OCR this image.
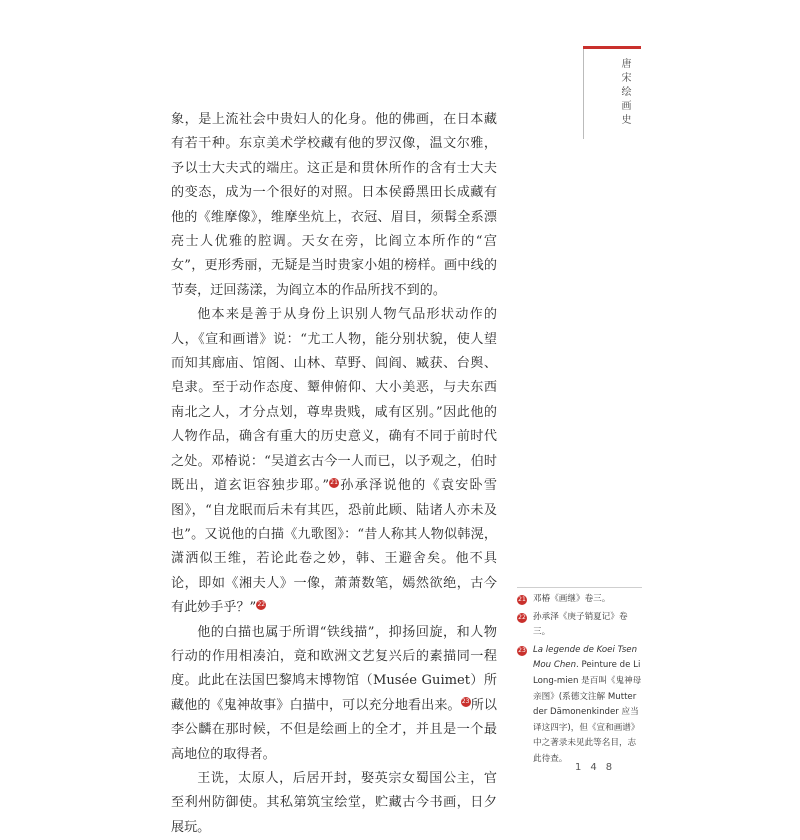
唐宋绘画史

象，是上流社会中贵妇人的化身。他的佛画，在日本藏有若干种。东京美术学校藏有他的罗汉像，温文尔雅，予以士大夫式的端庄。这正是和贯休所作的含有士大夫的变态，成为一个很好的对照。日本侯爵黑田长成藏有他的《维摩像》，维摩坐炕上，衣冠、眉目，须髯全系漂亮士人优雅的腔调。天女在旁，比阎立本所作的“宫女”，更形秀丽，无疑是当时贵家小姐的榜样。画中线的节奏，迂回荡漾，为阎立本的作品所找不到的。

他本来是善于从身份上识别人物气品形状动作的人，《宣和画谱》说：“尤工人物，能分别状貌，使人望而知其廊庙、馆阁、山林、草野、闾阎、臧获、台舆、皂隶。至于动作态度、颦伸俯仰、大小美恶，与夫东西南北之人，才分点划，尊卑贵贱，咸有区别。”因此他的人物作品，确含有重大的历史意义，确有不同于前时代之处。邓椿说：“吴道玄古今一人而已，以予观之，伯时既出，道玄讵容独步耶。”21孙承泽说他的《袁安卧雪图》，“自龙眠而后未有其匹，恐前此顾、陆诸人亦未及也”。又说他的白描《九歌图》：“昔人称其人物似韩滉，潇洒似王维，若论此卷之妙，韩、王避舍矣。他不具论，即如《湘夫人》一像，萧萧数笔，嫣然欲绝，古今有此妙手乎？”22

他的白描也属于所谓“铁线描”，抑扬回旋，和人物行动的作用相凑泊，竟和欧洲文艺复兴后的素描同一程度。此此在法国巴黎鸠末博物馆（Musée Guimet）所藏他的《鬼神故事》白描中，可以充分地看出来。23所以李公麟在那时候，不但是绘画上的全才，并且是一个最高地位的取得者。

王诜，太原人，后居开封，娶英宗女蜀国公主，官至利州防御使。其私第筑宝绘堂，贮藏古今书画，日夕展玩。

21 邓椿《画继》卷三。
22 孙承泽《庚子销夏记》卷三。
23 La legende de Koei Tsen Mou Chen. Peinture de Li Long-mien 是百叫《鬼神母亲图》(系德文注解 Mutter der Dämonenkinder 应当译这四字)，但《宣和画谱》中之著录未见此等名目，志此待查。
148
